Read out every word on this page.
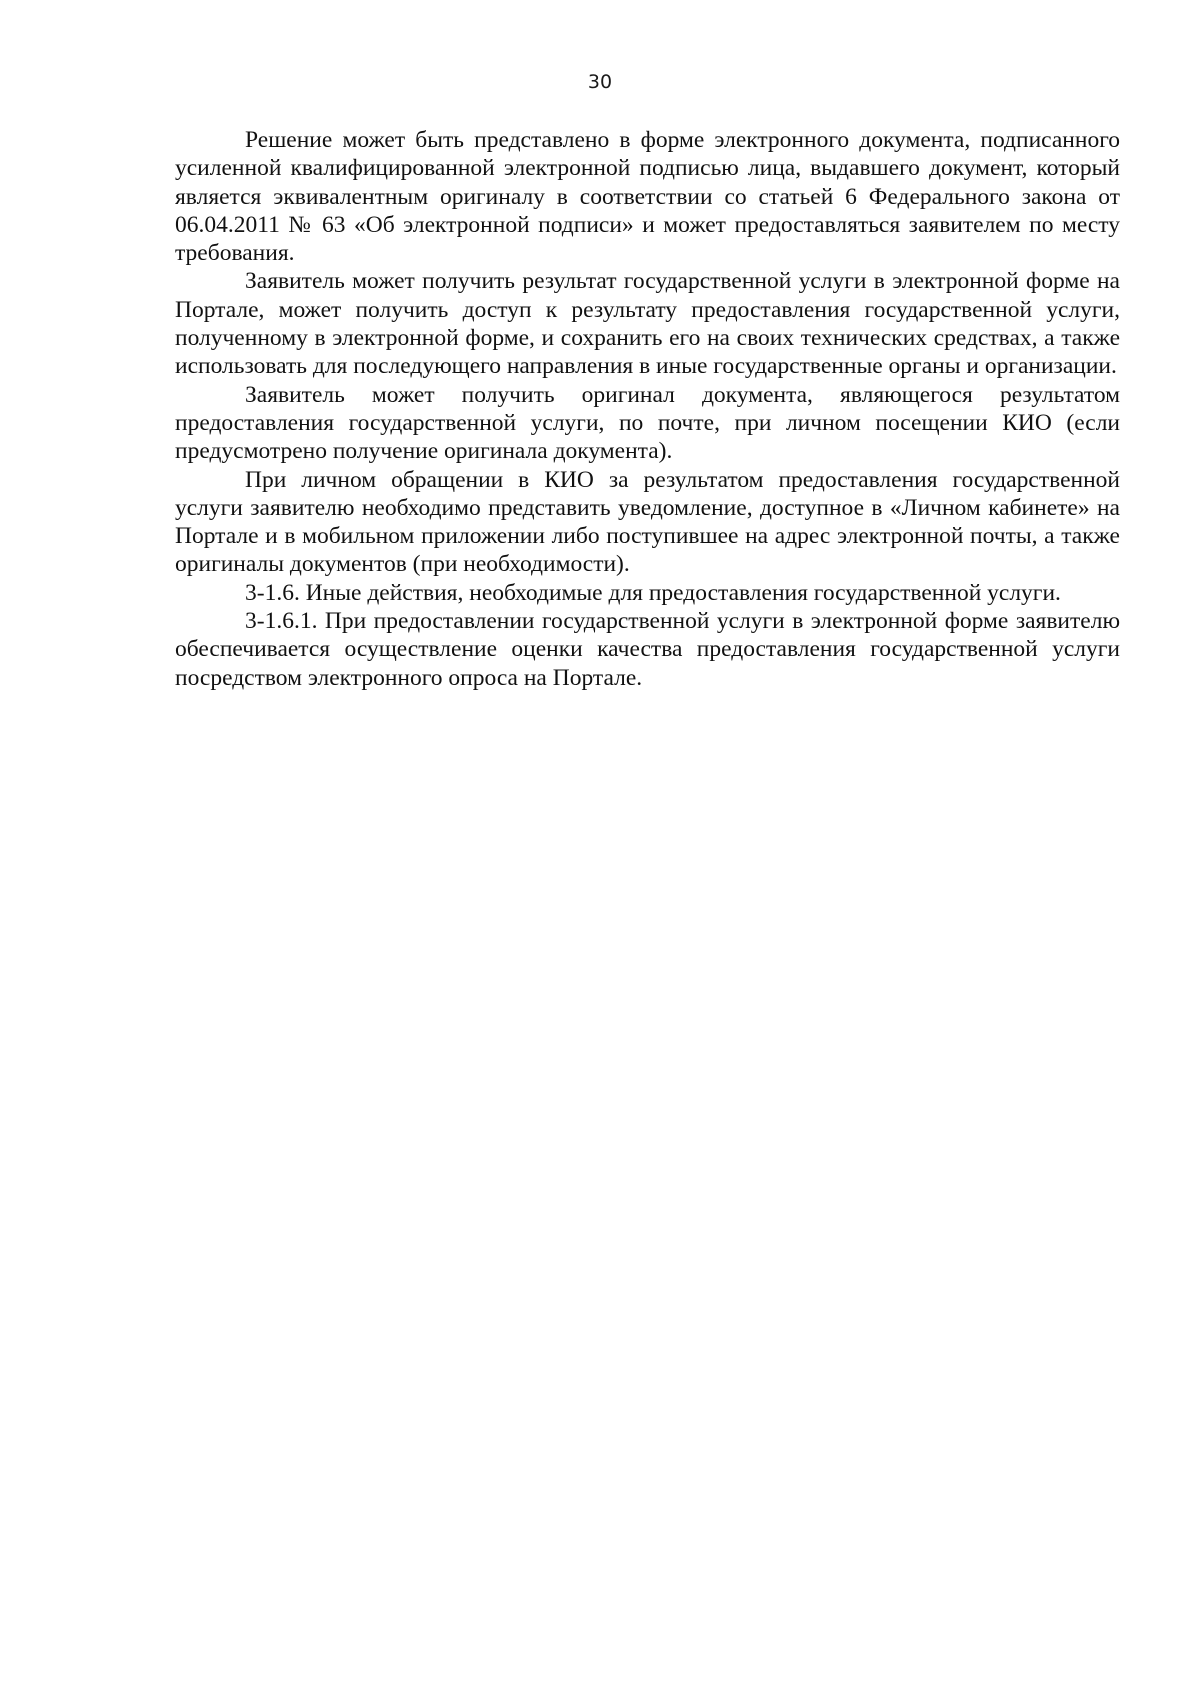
30

Решение может быть представлено в форме электронного документа, подписанного усиленной квалифицированной электронной подписью лица, выдавшего документ, который является эквивалентным оригиналу в соответствии со статьей 6 Федерального закона от 06.04.2011 № 63 «Об электронной подписи» и может предоставляться заявителем по месту требования.

Заявитель может получить результат государственной услуги в электронной форме на Портале, может получить доступ к результату предоставления государственной услуги, полученному в электронной форме, и сохранить его на своих технических средствах, а также использовать для последующего направления в иные государственные органы и организации.

Заявитель может получить оригинал документа, являющегося результатом предоставления государственной услуги, по почте, при личном посещении КИО (если предусмотрено получение оригинала документа).

При личном обращении в КИО за результатом предоставления государственной услуги заявителю необходимо представить уведомление, доступное в «Личном кабинете» на Портале и в мобильном приложении либо поступившее на адрес электронной почты, а также оригиналы документов (при необходимости).

3-1.6. Иные действия, необходимые для предоставления государственной услуги.

3-1.6.1. При предоставлении государственной услуги в электронной форме заявителю обеспечивается осуществление оценки качества предоставления государственной услуги посредством электронного опроса на Портале.
